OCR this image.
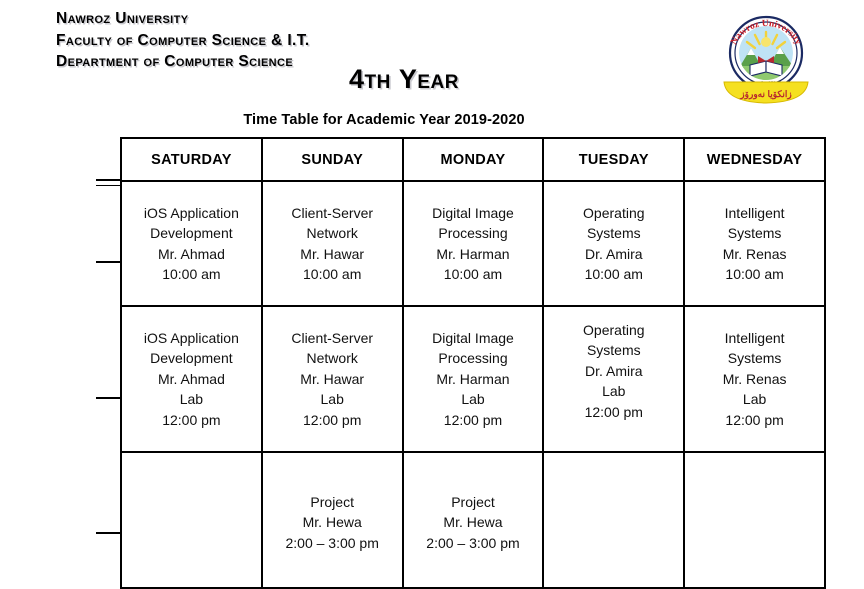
Nawroz University
Faculty of Computer Science & I.T.
Department of Computer Science
4TH Year
Time Table for Academic Year 2019-2020
Nawroz University
زانكۆیا نەورۆز
SATURDAY	SUNDAY	MONDAY	TUESDAY	WEDNESDAY

iOS Application
Development
Mr. Ahmad
10:00 am	Client-Server
Network
Mr. Hawar
10:00 am	Digital Image
Processing
Mr. Harman
10:00 am	Operating
Systems
Dr. Amira
10:00 am	Intelligent
Systems
Mr. Renas
10:00 am

iOS Application
Development
Mr. Ahmad
Lab
12:00 pm	Client-Server
Network
Mr. Hawar
Lab
12:00 pm	Digital Image
Processing
Mr. Harman
Lab
12:00 pm	Operating
Systems
Dr. Amira
Lab
12:00 pm	Intelligent
Systems
Mr. Renas
Lab
12:00 pm

	Project
Mr. Hewa
2:00 – 3:00 pm	Project
Mr. Hewa
2:00 – 3:00 pm		
